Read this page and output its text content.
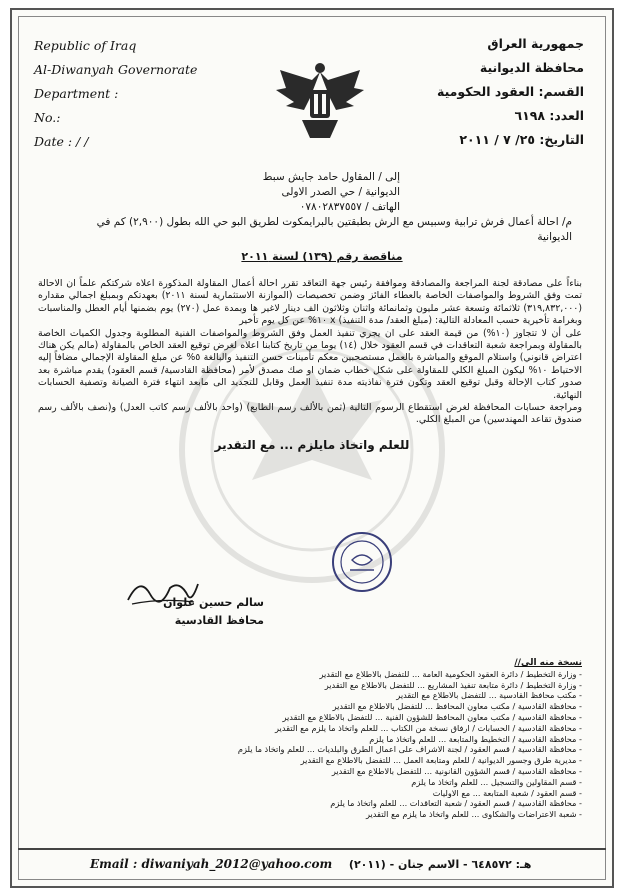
Republic of Iraq
Al-Diwanyah Governorate
Department :
No.:
Date : / /
جمهورية العراق
محافظة الديوانية
القسم: العقود الحكومية
العدد: ٦١٩٨
التاريخ: ٢٥/ ٧ / ٢٠١١
إلى / المقاول حامد جايش سبط
الديوانية / حي الصدر الاولى
الهاتف / ٠٧٨٠٢٨٣٧٥٥٧
م/ احالة أعمال فرش ترابية وسبيس مع الرش بطبقتين بالبرايمكوت لطريق البو حي الله بطول (٢,٩٠٠) كم في الديوانية
مناقصة رقم (١٣٩) لسنة ٢٠١١
بناءاً على مصادقة لجنة المراجعة والمصادقة وموافقة رئيس جهة التعاقد تقرر احالة أعمال المقاولة المذكورة اعلاه شركتكم علماً ان الاحالة تمت وفق الشروط والمواصفات الخاصة بالعطاء الفائز وضمن تخصيصات (الموازنة الاستثمارية لسنة ٢٠١١) بعهدتكم وبمبلغ اجمالي مقداره (٣١٩,٨٣٢,٠٠٠) ثلاثمائة وتسعة عشر مليون وثمانمائة واثنان وثلاثون الف دينار لاغير ها وبمدة عمل (٢٧٠) يوم بضمنها أيام العطل والمناسبات وبغرامة تأخيرية حسب المعادلة التالية: (مبلغ العقد/ مدة التنفيذ) x ١٠% عن كل يوم تأخير
على أن لا تتجاوز (١٠%) من قيمة العقد على ان يجري تنفيذ العمل وفق الشروط والمواصفات الفنية المطلوبة وجدول الكميات الخاصة بالمقاولة وبمراجعة شعبة التعاقدات في قسم العقود خلال (١٤) يوما من تاريخ كتابنا اعلاه لغرض توقيع العقد الخاص بالمقاولة (مالم يكن هناك اعتراض قانوني) واستلام الموقع والمباشرة بالعمل مستصحبين معكم تأمينات حسن التنفيذ والبالغة ٥% عن مبلغ المقاولة الإجمالي مضافاً إليه الاحتياط ١٠% ليكون المبلغ الكلي للمقاولة على شكل خطاب ضمان او صك مصدق لأمر (محافظة القادسية/ قسم العقود) يقدم مباشرة بعد صدور كتاب الإحالة وقبل توقيع العقد وتكون فترة نفاذيته مدة تنفيذ العمل وقابل للتجديد الى مابعد انتهاء فترة الصيانة وتصفية الحسابات النهائية.
ومراجعة حسابات المحافظة لغرض استقطاع الرسوم التالية (ثمن بالألف رسم الطابع) (واحد بالألف رسم كاتب العدل) و(نصف بالألف رسم صندوق تقاعد المهندسين) من المبلغ الكلي.
للعلم واتخاذ مايلزم ... مع التقدير
سالم حسين علوان
محافظ القادسية
نسخة منه الى//
- وزارة التخطيط / دائرة العقود الحكومية العامة ... للتفضل بالاطلاع مع التقدير
- وزارة التخطيط / دائرة متابعة تنفيذ المشاريع ... للتفضل بالاطلاع مع التقدير
- مكتب محافظ القادسية ... للتفضل بالاطلاع مع التقدير
- محافظة القادسية / مكتب معاون المحافظ ... للتفضل بالاطلاع مع التقدير
- محافظة القادسية / مكتب معاون المحافظ للشؤون الفنية ... للتفضل بالاطلاع مع التقدير
- محافظة القادسية / الحسابات / ارفاق نسخة من الكتاب ... للعلم واتخاذ ما يلزم مع التقدير
- محافظة القادسية / التخطيط والمتابعة ... للعلم واتخاذ ما يلزم
- محافظة القادسية / قسم العقود / لجنة الاشراف على اعمال الطرق والبلديات ... للعلم واتخاذ ما يلزم
- مديرية طرق وجسور الديوانية / للعلم ومتابعة العمل ... للتفضل بالاطلاع مع التقدير
- محافظة القادسية / قسم الشؤون القانونية ... للتفضل بالاطلاع مع التقدير
- قسم المقاولين والتسجيل ... للعلم واتخاذ ما يلزم
- قسم العقود / شعبة المتابعة ... مع الاوليات
- محافظة القادسية / قسم العقود / شعبة التعاقدات ... للعلم واتخاذ ما يلزم
- شعبة الاعتراضات والشكاوى ... للعلم واتخاذ ما يلزم مع التقدير
Email : diwaniyah_2012@yahoo.com هـ: ٦٤٨٥٧٢ - الاسم جنان - (٢٠١١)
